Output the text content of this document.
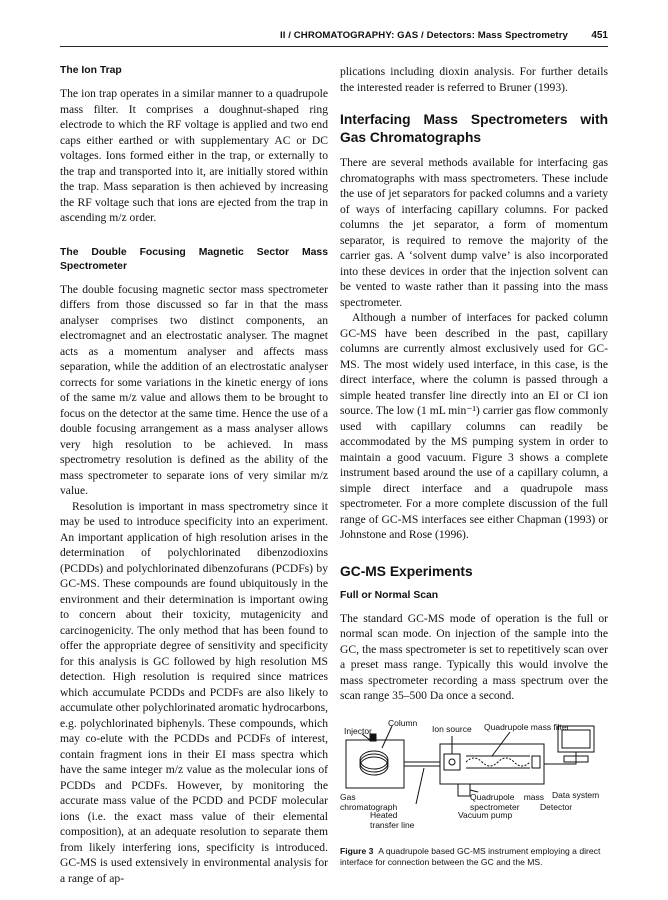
II / CHROMATOGRAPHY: GAS / Detectors: Mass Spectrometry 451
The Ion Trap

The ion trap operates in a similar manner to a quadrupole mass filter. It comprises a doughnut-shaped ring electrode to which the RF voltage is applied and two end caps either earthed or with supplementary AC or DC voltages. Ions formed either in the trap, or externally to the trap and transported into it, are initially stored within the trap. Mass separation is then achieved by increasing the RF voltage such that ions are ejected from the trap in ascending m/z order.

The Double Focusing Magnetic Sector Mass Spectrometer

The double focusing magnetic sector mass spectrometer differs from those discussed so far in that the mass analyser comprises two distinct components, an electromagnet and an electrostatic analyser. The magnet acts as a momentum analyser and affects mass separation, while the addition of an electrostatic analyser corrects for some variations in the kinetic energy of ions of the same m/z value and allows them to be brought to focus on the detector at the same time. Hence the use of a double focusing arrangement as a mass analyser allows very high resolution to be achieved. In mass spectrometry resolution is defined as the ability of the mass spectrometer to separate ions of very similar m/z value.

Resolution is important in mass spectrometry since it may be used to introduce specificity into an experiment. An important application of high resolution arises in the determination of polychlorinated dibenzodioxins (PCDDs) and polychlorinated dibenzofurans (PCDFs) by GC-MS. These compounds are found ubiquitously in the environment and their determination is important owing to concern about their toxicity, mutagenicity and carcinogenicity. The only method that has been found to offer the appropriate degree of sensitivity and specificity for this analysis is GC followed by high resolution MS detection. High resolution is required since matrices which accumulate PCDDs and PCDFs are also likely to accumulate other polychlorinated aromatic hydrocarbons, e.g. polychlorinated biphenyls. These compounds, which may co-elute with the PCDDs and PCDFs of interest, contain fragment ions in their EI mass spectra which have the same integer m/z value as the molecular ions of PCDDs and PCDFs. However, by monitoring the accurate mass value of the PCDD and PCDF molecular ions (i.e. the exact mass value of their elemental composition), at an adequate resolution to separate them from likely interfering ions, specificity is introduced. GC-MS is used extensively in environmental analysis for a range of ap-

plications including dioxin analysis. For further details the interested reader is referred to Bruner (1993).

Interfacing Mass Spectrometers with Gas Chromatographs

There are several methods available for interfacing gas chromatographs with mass spectrometers. These include the use of jet separators for packed columns and a variety of ways of interfacing capillary columns. For packed columns the jet separator, a form of momentum separator, is required to remove the majority of the carrier gas. A ‘solvent dump valve’ is also incorporated into these devices in order that the injection solvent can be vented to waste rather than it passing into the mass spectrometer.

Although a number of interfaces for packed column GC-MS have been described in the past, capillary columns are currently almost exclusively used for GC-MS. The most widely used interface, in this case, is the direct interface, where the column is passed through a simple heated transfer line directly into an EI or CI ion source. The low (1 mL min⁻¹) carrier gas flow commonly used with capillary columns can readily be accommodated by the MS pumping system in order to maintain a good vacuum. Figure 3 shows a complete instrument based around the use of a capillary column, a simple direct interface and a quadrupole mass spectrometer. For a more complete discussion of the full range of GC-MS interfaces see either Chapman (1993) or Johnstone and Rose (1996).

GC-MS Experiments
Full or Normal Scan

The standard GC-MS mode of operation is the full or normal scan mode. On injection of the sample into the GC, the mass spectrometer is set to repetitively scan over a preset mass range. Typically this would involve the mass spectrometer recording a mass spectrum over the scan range 35–500 Da once a second.

Column
Injector	Ion source Quadrupole mass filter
Gas chromatograph
Quadrupole mass spectrometer	Detector
Data system
Heated transfer line
Vacuum pump
Figure 3 A quadrupole based GC-MS instrument employing a direct interface for connection between the GC and the MS.
